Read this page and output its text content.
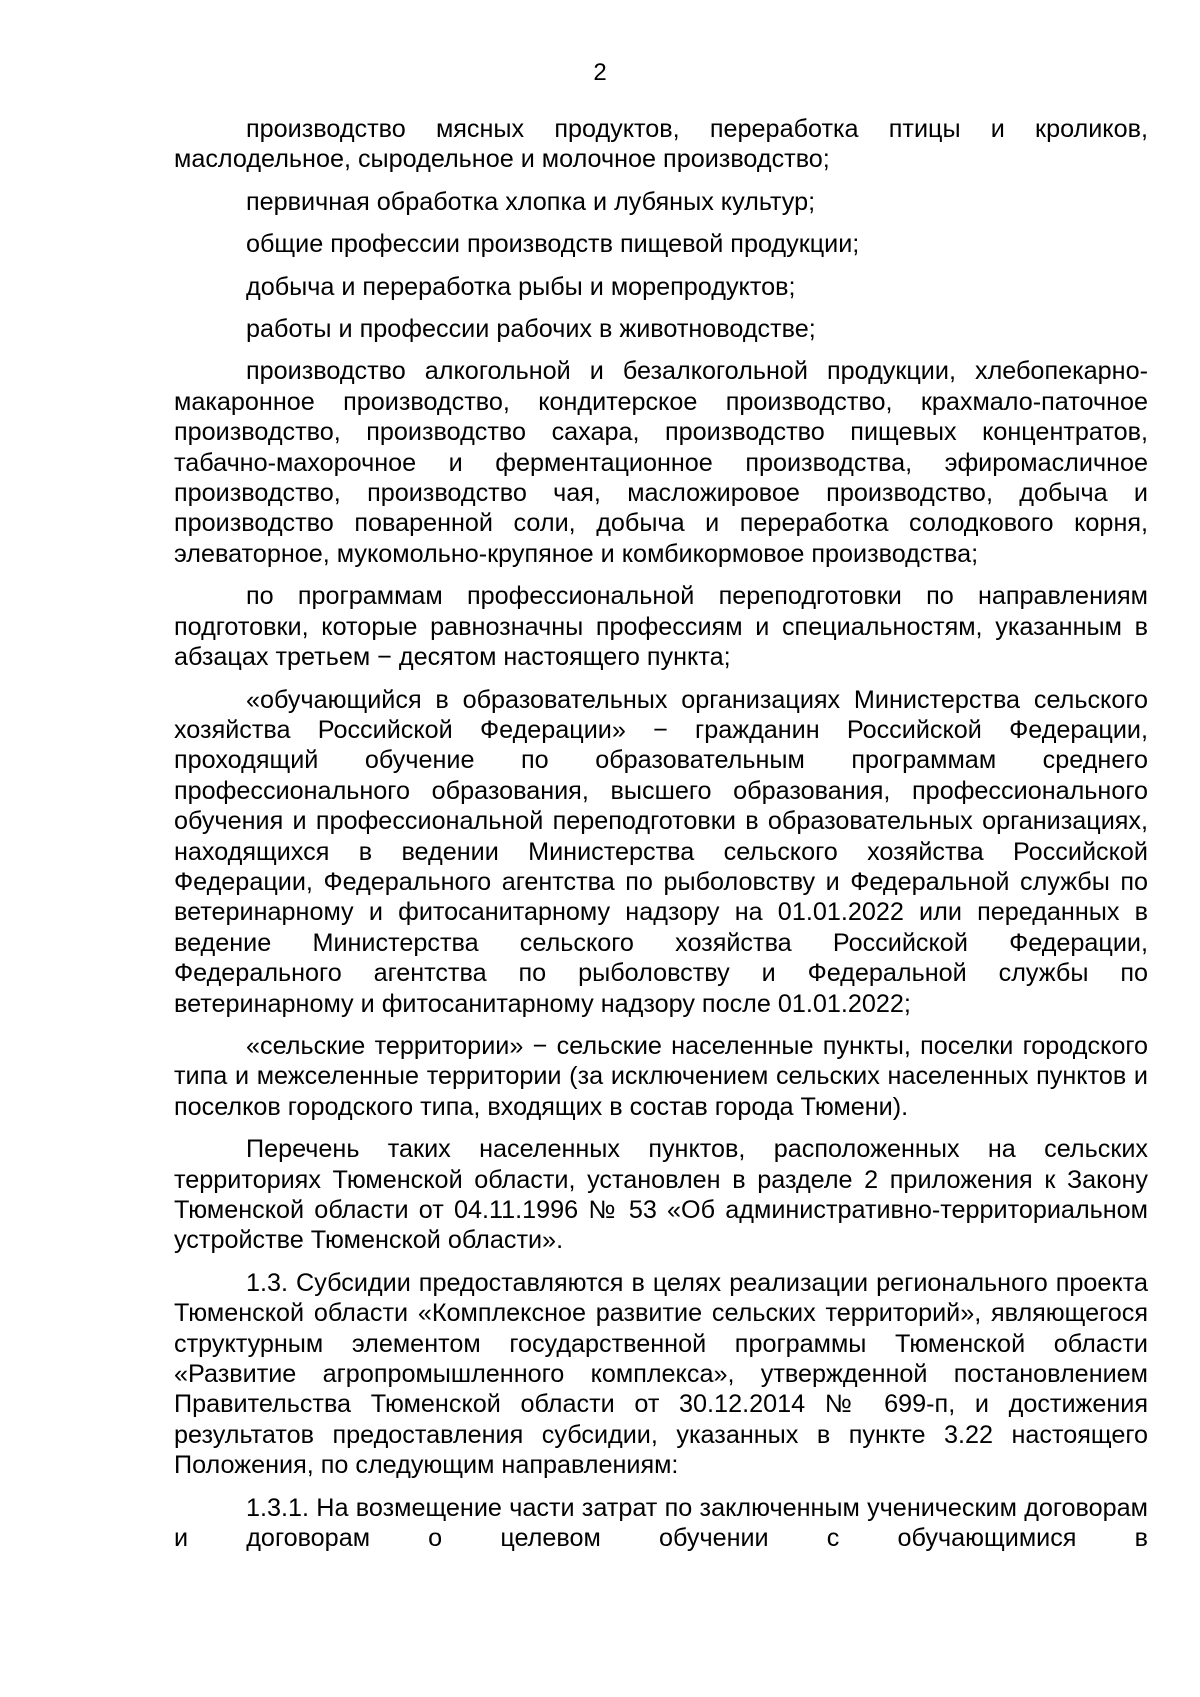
2

производство мясных продуктов, переработка птицы и кроликов, маслодельное, сыродельное и молочное производство;

первичная обработка хлопка и лубяных культур;

общие профессии производств пищевой продукции;

добыча и переработка рыбы и морепродуктов;

работы и профессии рабочих в животноводстве;

производство алкогольной и безалкогольной продукции, хлебопекарно-макаронное производство, кондитерское производство, крахмало-паточное производство, производство сахара, производство пищевых концентратов, табачно-махорочное и ферментационное производства, эфиромасличное производство, производство чая, масложировое производство, добыча и производство поваренной соли, добыча и переработка солодкового корня, элеваторное, мукомольно-крупяное и комбикормовое производства;

по программам профессиональной переподготовки по направлениям подготовки, которые равнозначны профессиям и специальностям, указанным в абзацах третьем − десятом настоящего пункта;

«обучающийся в образовательных организациях Министерства сельского хозяйства Российской Федерации» − гражданин Российской Федерации, проходящий обучение по образовательным программам среднего профессионального образования, высшего образования, профессионального обучения и профессиональной переподготовки в образовательных организациях, находящихся в ведении Министерства сельского хозяйства Российской Федерации, Федерального агентства по рыболовству и Федеральной службы по ветеринарному и фитосанитарному надзору на 01.01.2022 или переданных в ведение Министерства сельского хозяйства Российской Федерации, Федерального агентства по рыболовству и Федеральной службы по ветеринарному и фитосанитарному надзору после 01.01.2022;

«сельские территории» − сельские населенные пункты, поселки городского типа и межселенные территории (за исключением сельских населенных пунктов и поселков городского типа, входящих в состав города Тюмени).

Перечень таких населенных пунктов, расположенных на сельских территориях Тюменской области, установлен в разделе 2 приложения к Закону Тюменской области от 04.11.1996 № 53 «Об административно-территориальном устройстве Тюменской области».

1.3. Субсидии предоставляются в целях реализации регионального проекта Тюменской области «Комплексное развитие сельских территорий», являющегося структурным элементом государственной программы Тюменской области «Развитие агропромышленного комплекса», утвержденной постановлением Правительства Тюменской области от 30.12.2014 № 699-п, и достижения результатов предоставления субсидии, указанных в пункте 3.22 настоящего Положения, по следующим направлениям:

1.3.1. На возмещение части затрат по заключенным ученическим договорам и договорам о целевом обучении с обучающимися в
